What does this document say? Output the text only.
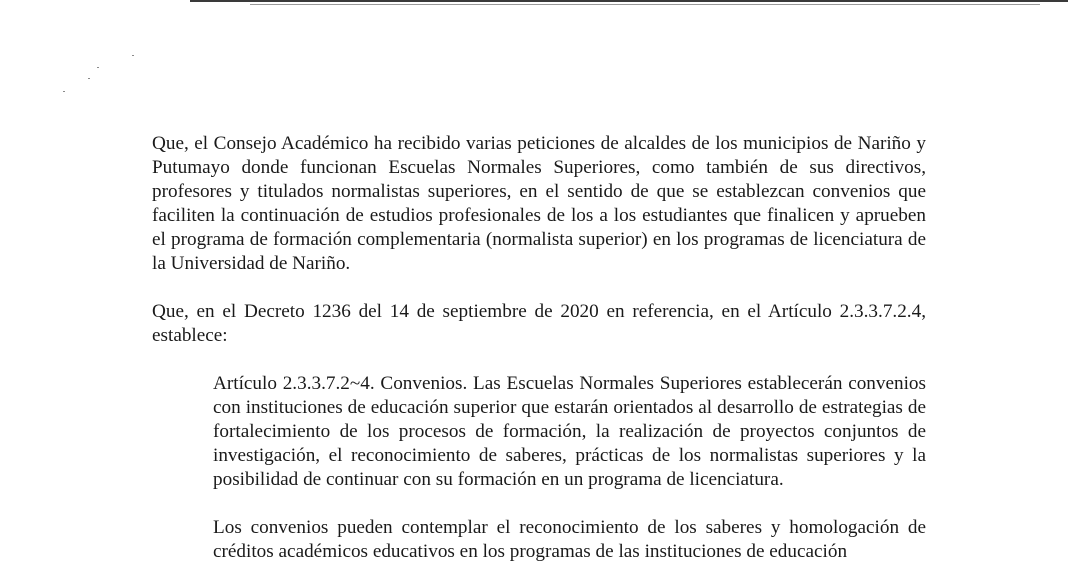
Que, el Consejo Académico ha recibido varias peticiones de alcaldes de los municipios de Nariño y Putumayo donde funcionan Escuelas Normales Superiores, como también de sus directivos, profesores y titulados normalistas superiores, en el sentido de que se establezcan convenios que faciliten la continuación de estudios profesionales de los a los estudiantes que finalicen y aprueben el programa de formación complementaria (normalista superior) en los programas de licenciatura de la Universidad de Nariño.

Que, en el Decreto 1236 del 14 de septiembre de 2020 en referencia, en el Artículo 2.3.3.7.2.4, establece:

Artículo 2.3.3.7.2~4. Convenios. Las Escuelas Normales Superiores establecerán convenios con instituciones de educación superior que estarán orientados al desarrollo de estrategias de fortalecimiento de los procesos de formación, la realización de proyectos conjuntos de investigación, el reconocimiento de saberes, prácticas de los normalistas superiores y la posibilidad de continuar con su formación en un programa de licenciatura.

Los convenios pueden contemplar el reconocimiento de los saberes y homologación de créditos académicos educativos en los programas de las instituciones de educación
